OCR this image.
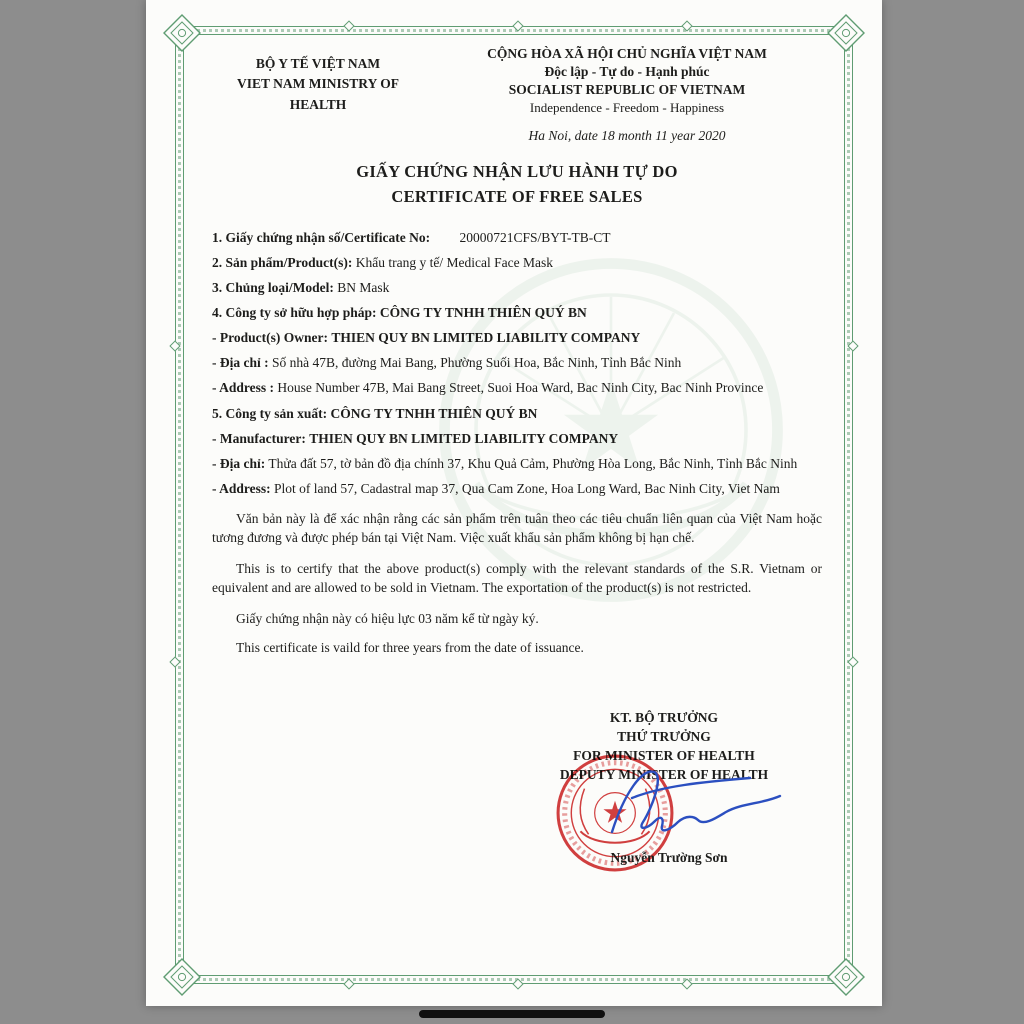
BỘ Y TẾ VIỆT NAM
VIET NAM MINISTRY OF
HEALTH
CỘNG HÒA XÃ HỘI CHỦ NGHĨA VIỆT NAM
Độc lập - Tự do - Hạnh phúc
SOCIALIST REPUBLIC OF VIETNAM
Independence - Freedom - Happiness
Ha Noi, date 18 month 11 year 2020
GIẤY CHỨNG NHẬN LƯU HÀNH TỰ DO
CERTIFICATE OF FREE SALES
1. Giấy chứng nhận số/Certificate No: 20000721CFS/BYT-TB-CT
2. Sản phẩm/Product(s): Khẩu trang y tế/ Medical Face Mask
3. Chủng loại/Model: BN Mask
4. Công ty sở hữu hợp pháp: CÔNG TY TNHH THIÊN QUÝ BN
- Product(s) Owner: THIEN QUY BN LIMITED LIABILITY COMPANY
- Địa chỉ : Số nhà 47B, đường Mai Bang, Phường Suối Hoa, Bắc Ninh, Tỉnh Bắc Ninh
- Address : House Number 47B, Mai Bang Street, Suoi Hoa Ward, Bac Ninh City, Bac Ninh Province
5. Công ty sản xuất: CÔNG TY TNHH THIÊN QUÝ BN
- Manufacturer: THIEN QUY BN LIMITED LIABILITY COMPANY
- Địa chỉ: Thửa đất 57, tờ bản đồ địa chính 37, Khu Quả Cảm, Phường Hòa Long, Bắc Ninh, Tỉnh Bắc Ninh
- Address: Plot of land 57, Cadastral map 37, Qua Cam Zone, Hoa Long Ward, Bac Ninh City, Viet Nam

Văn bản này là để xác nhận rằng các sản phẩm trên tuân theo các tiêu chuẩn liên quan của Việt Nam hoặc tương đương và được phép bán tại Việt Nam. Việc xuất khẩu sản phẩm không bị hạn chế.

This is to certify that the above product(s) comply with the relevant standards of the S.R. Vietnam or equivalent and are allowed to be sold in Vietnam. The exportation of the product(s) is not restricted.

Giấy chứng nhận này có hiệu lực 03 năm kể từ ngày ký.

This certificate is vaild for three years from the date of issuance.

KT. BỘ TRƯỞNG
THỨ TRƯỞNG
FOR MINISTER OF HEALTH
DEPUTY MINISTER OF HEALTH
Nguyễn Trường Sơn
